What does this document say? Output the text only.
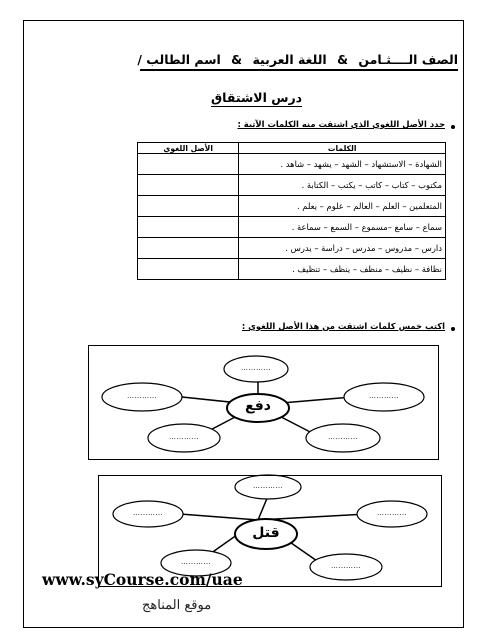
الصف الــــثـامن & اللغة العربية & اسم الطالب /
درس الاشتقاق
حدد الأصل اللغوي الذي اشتقت منه الكلمات الآتية :
الكلمات	الأصل اللغوي
الشهادة – الاستشهاد – الشهد – يشهد – شاهد .	
مكتوب – كتاب – كاتب – يكتب – الكتابة .	
المتعلمين – العلم – العالم – علوم – يعلم .	
سماع – سامع –مسموع – السمع – سماعة .	
دارس – مدروس – مدرس – دراسة – يدرس .	
نظافة – نظيف – منظف – ينظف – تنظيف .	
اكتب خمس كلمات اشتقت من هذا الأصل اللغوي :
دفع
…………
…………	…………
…………	…………
قتل
…………
…………	…………
…………	…………
www.syCourse.com/uae
موقع المناهج
